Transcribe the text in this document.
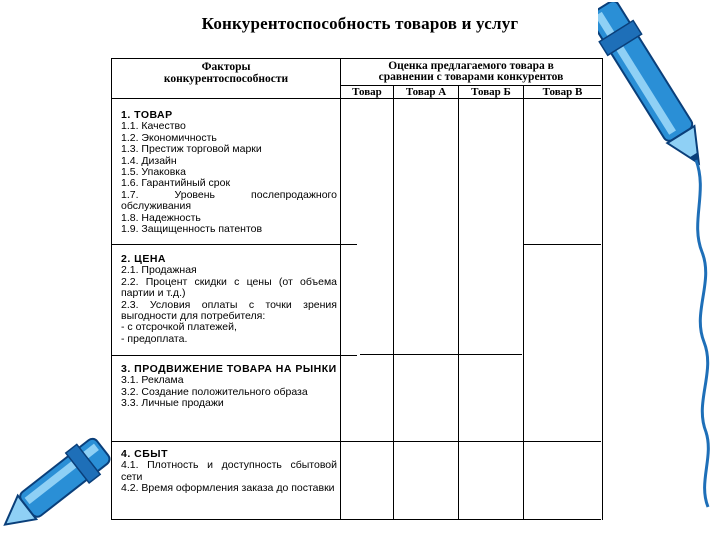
Конкурентоспособность товаров и услуг
Факторы
конкурентоспособности
Оценка предлагаемого товара в
сравнении с товарами конкурентов
Товар	Товар А	Товар Б	Товар В
1. ТОВАР
1.1. Качество
1.2. Экономичность
1.3. Престиж торговой марки
1.4. Дизайн
1.5. Упаковка
1.6. Гарантийный срок
1.7. Уровень послепродажного обслуживания
1.8. Надежность
1.9. Защищенность патентов
2. ЦЕНА
2.1. Продажная
2.2. Процент скидки с цены (от объема партии и т.д.)
2.3. Условия оплаты с точки зрения выгодности для потребителя:
- с отсрочкой платежей,
- предоплата.
3. ПРОДВИЖЕНИЕ ТОВАРА НА РЫНКИ
3.1. Реклама
3.2. Создание положительного образа
3.3. Личные продажи
4. СБЫТ
4.1. Плотность и доступность сбытовой сети
4.2. Время оформления заказа до поставки
